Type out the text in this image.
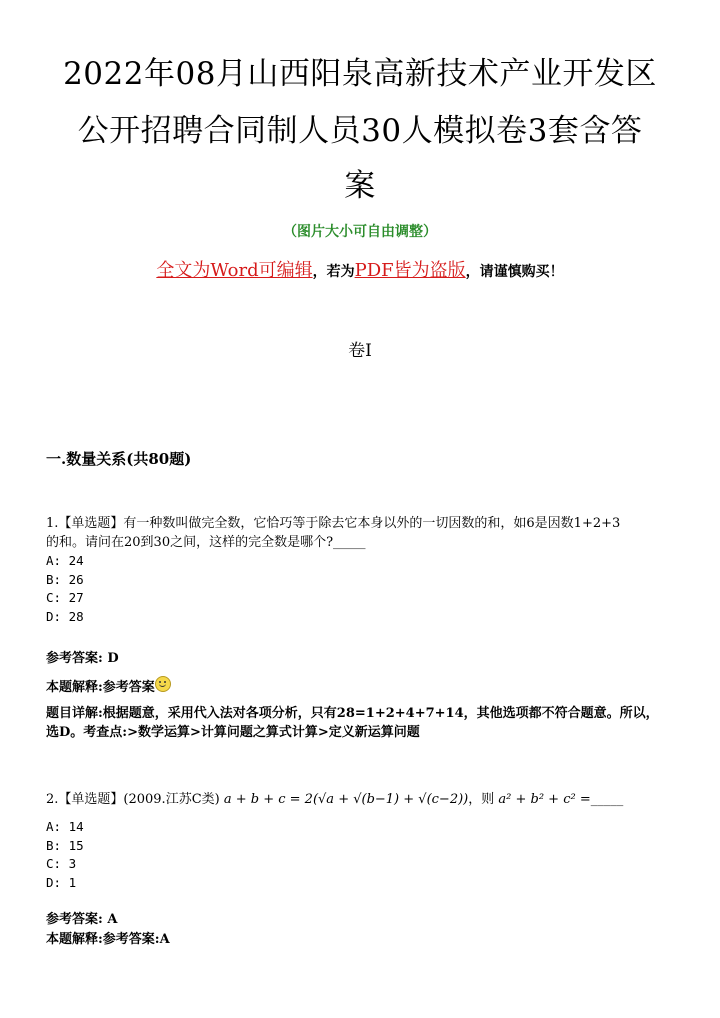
2022年08月山西阳泉高新技术产业开发区
公开招聘合同制人员30人模拟卷3套含答
案
（图片大小可自由调整）
全文为Word可编辑，若为PDF皆为盗版，请谨慎购买！
卷I
一.数量关系(共80题)
1.【单选题】有一种数叫做完全数，它恰巧等于除去它本身以外的一切因数的和，如6是因数1+2+3
的和。请问在20到30之间，这样的完全数是哪个?_____
A: 24
B: 26
C: 27
D: 28
参考答案: D
本题解释:参考答案
题目详解:根据题意，采用代入法对各项分析，只有28=1+2+4+7+14，其他选项都不符合题意。所以，
选D。考查点:>数学运算>计算问题之算式计算>定义新运算问题
2.【单选题】(2009.江苏C类) a + b + c = 2(√a + √(b−1) + √(c−2))，则 a² + b² + c² =_____
A: 14
B: 15
C: 3
D: 1
参考答案: A
本题解释:参考答案:A
